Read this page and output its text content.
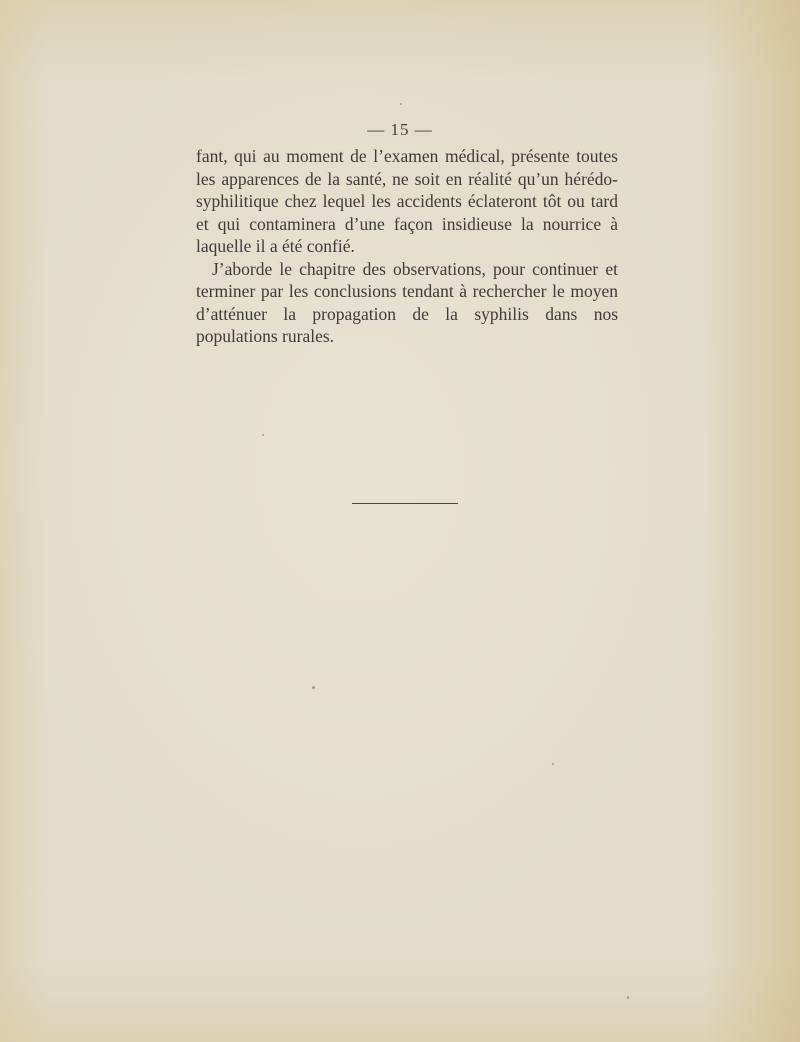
— 15 —

fant, qui au moment de l’examen médical, présente toutes les apparences de la santé, ne soit en réalité qu’un hérédo-syphilitique chez lequel les accidents éclateront tôt ou tard et qui contaminera d’une façon insidieuse la nourrice à laquelle il a été confié.

J’aborde le chapitre des observations, pour continuer et terminer par les conclusions tendant à rechercher le moyen d’atténuer la propagation de la syphilis dans nos populations rurales.
